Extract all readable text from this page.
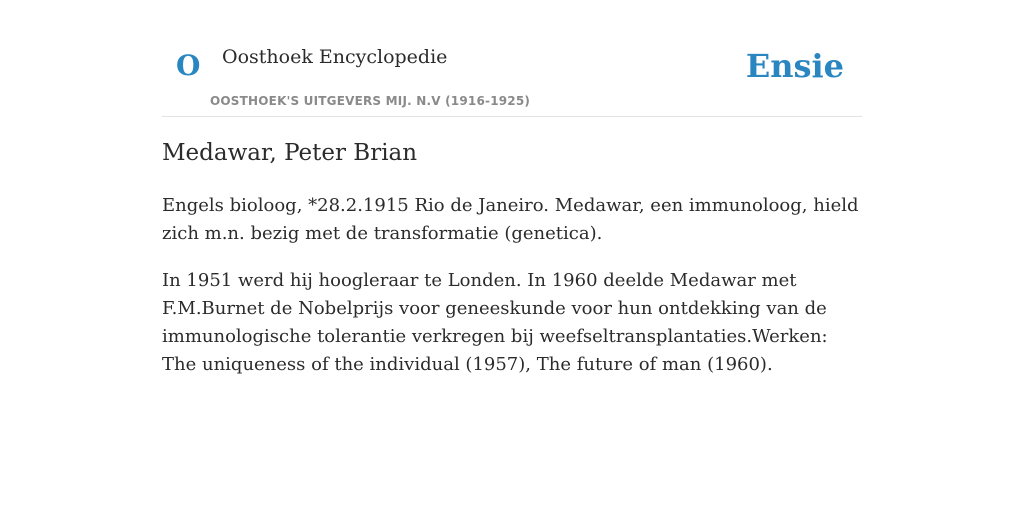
O Oosthoek Encyclopedie
OOSTHOEK'S UITGEVERS MIJ. N.V (1916-1925)
Ensie
Medawar, Peter Brian

Engels bioloog, *28.2.1915 Rio de Janeiro. Medawar, een immunoloog, hield zich m.n. bezig met de transformatie (genetica).

In 1951 werd hij hoogleraar te Londen. In 1960 deelde Medawar met F.M.Burnet de Nobelprijs voor geneeskunde voor hun ontdekking van de immunologische tolerantie verkregen bij weefseltransplantaties.Werken: The uniqueness of the individual (1957), The future of man (1960).
